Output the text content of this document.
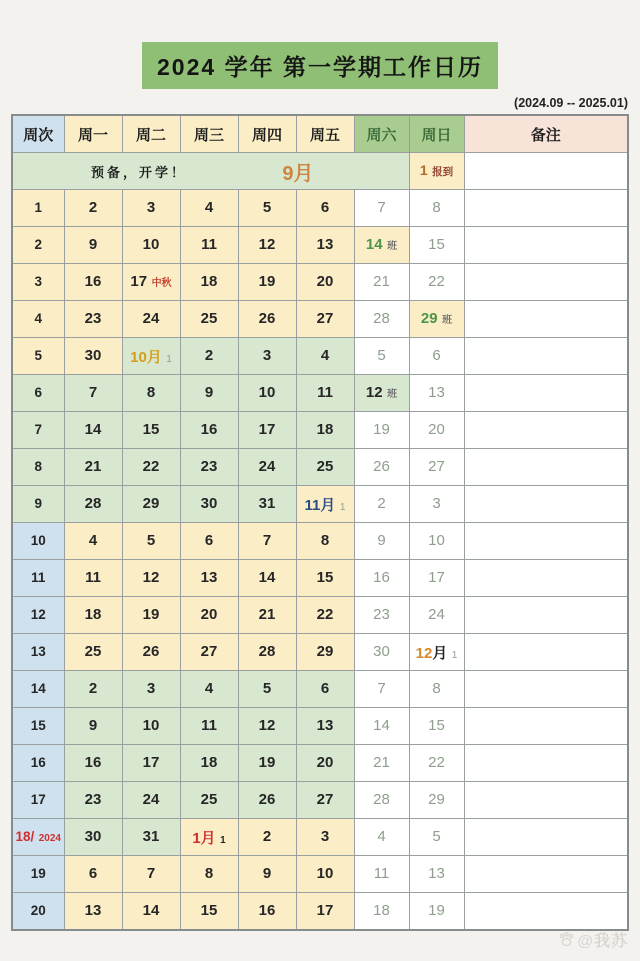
2024 学年 第一学期工作日历
(2024.09 -- 2025.01)
周次	周一	周二	周三	周四	周五	周六	周日	备注

预备，开学！ 9月							1 报到	
1	2	3	4	5	6	7	8	
2	9	10	11	12	13	14 班	15	
3	16	17 中秋	18	19	20	21	22	
4	23	24	25	26	27	28	29 班	
5	30	10月 1	2	3	4	5	6	
6	7	8	9	10	11	12 班	13	
7	14	15	16	17	18	19	20	
8	21	22	23	24	25	26	27	
9	28	29	30	31	11月 1	2	3	
10	4	5	6	7	8	9	10	
11	11	12	13	14	15	16	17	
12	18	19	20	21	22	23	24	
13	25	26	27	28	29	30	12月 1	
14	2	3	4	5	6	7	8	
15	9	10	11	12	13	14	15	
16	16	17	18	19	20	21	22	
17	23	24	25	26	27	28	29	
18/ 2024	30	31	1月 1	2	3	4	5	
19	6	7	8	9	10	11	13	
20	13	14	15	16	17	18	19	
@我苏
